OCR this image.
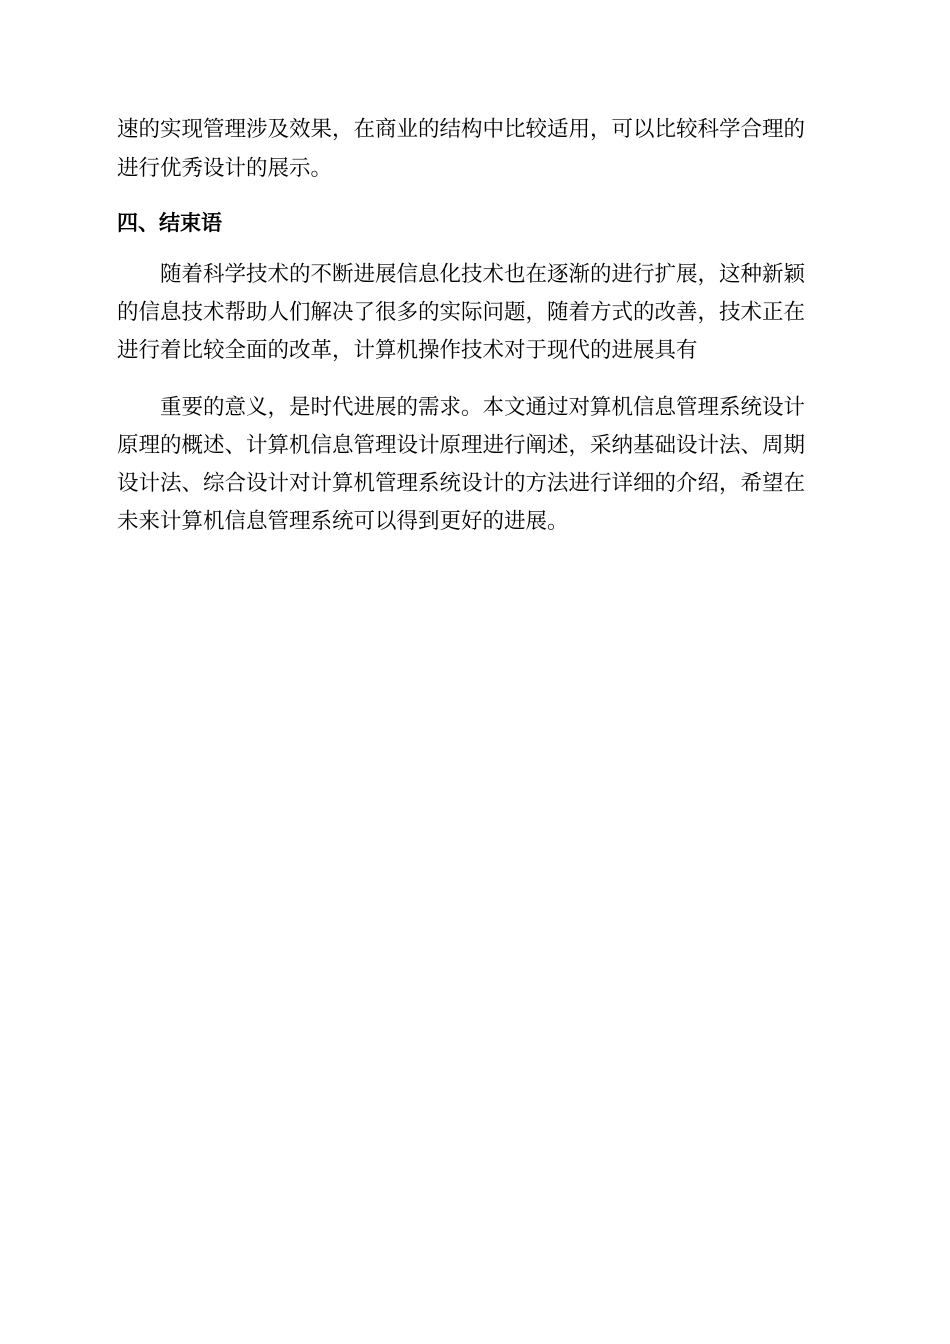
速的实现管理涉及效果，在商业的结构中比较适用，可以比较科学合理的
进行优秀设计的展示。
四、结束语
随着科学技术的不断进展信息化技术也在逐渐的进行扩展，这种新颖
的信息技术帮助人们解决了很多的实际问题，随着方式的改善，技术正在
进行着比较全面的改革，计算机操作技术对于现代的进展具有
重要的意义，是时代进展的需求。本文通过对算机信息管理系统设计
原理的概述、计算机信息管理设计原理进行阐述，采纳基础设计法、周期
设计法、综合设计对计算机管理系统设计的方法进行详细的介绍，希望在
未来计算机信息管理系统可以得到更好的进展。
